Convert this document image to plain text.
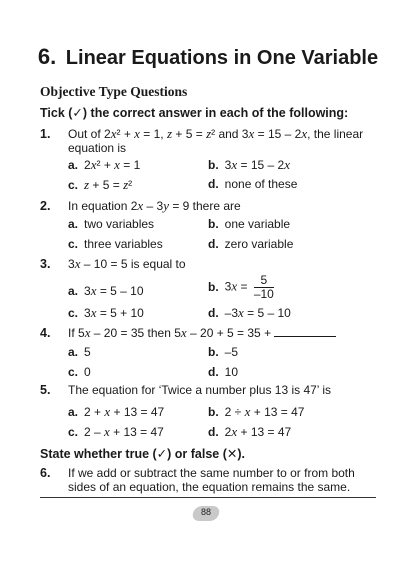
6. Linear Equations in One Variable
Objective Type Questions
Tick (✓) the correct answer in each of the following:
1. Out of 2x² + x = 1, z + 5 = z² and 3x = 15 – 2x, the linear equation is
a. 2x² + x = 1	b. 3x = 15 – 2x
c. z + 5 = z²	d. none of these
2. In equation 2x – 3y = 9 there are
a. two variables	b. one variable
c. three variables	d. zero variable
3. 3x – 10 = 5 is equal to
a. 3x = 5 – 10	b. $3x = \frac{5}{-10}$
c. 3x = 5 + 10	d. –3x = 5 – 10
4. If 5x – 20 = 35 then 5x – 20 + 5 = 35 +
a. 5	b. –5
c. 0	d. 10
5. The equation for ‘Twice a number plus 13 is 47’ is
a. 2 + x + 13 = 47	b. 2 ÷ x + 13 = 47
c. 2 – x + 13 = 47	d. 2x + 13 = 47
State whether true (✓) or false (✕).
6. If we add or subtract the same number to or from both sides of an equation, the equation remains the same.
88
